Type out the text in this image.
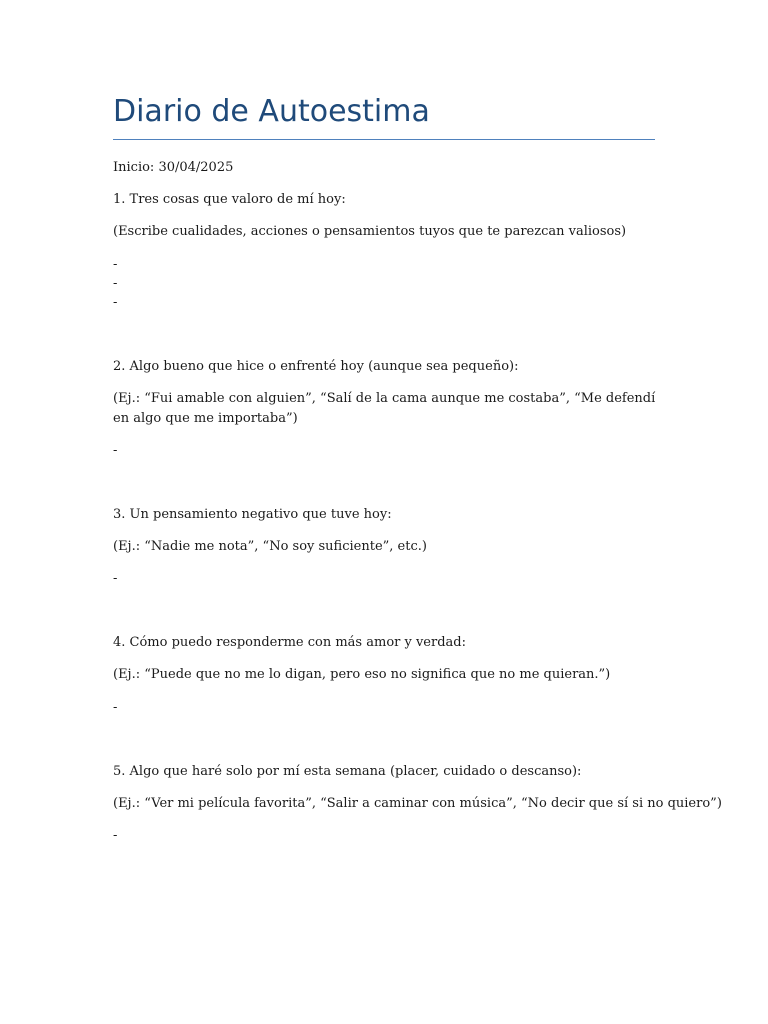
Diario de Autoestima
Inicio: 30/04/2025
1. Tres cosas que valoro de mí hoy:
(Escribe cualidades, acciones o pensamientos tuyos que te parezcan valiosos)
-
-
-
2. Algo bueno que hice o enfrenté hoy (aunque sea pequeño):
(Ej.: “Fui amable con alguien”, “Salí de la cama aunque me costaba”, “Me defendí en algo que me importaba”)
-
3. Un pensamiento negativo que tuve hoy:
(Ej.: “Nadie me nota”, “No soy suficiente”, etc.)
-
4. Cómo puedo responderme con más amor y verdad:
(Ej.: “Puede que no me lo digan, pero eso no significa que no me quieran.”)
-
5. Algo que haré solo por mí esta semana (placer, cuidado o descanso):
(Ej.: “Ver mi película favorita”, “Salir a caminar con música”, “No decir que sí si no quiero”)
-
